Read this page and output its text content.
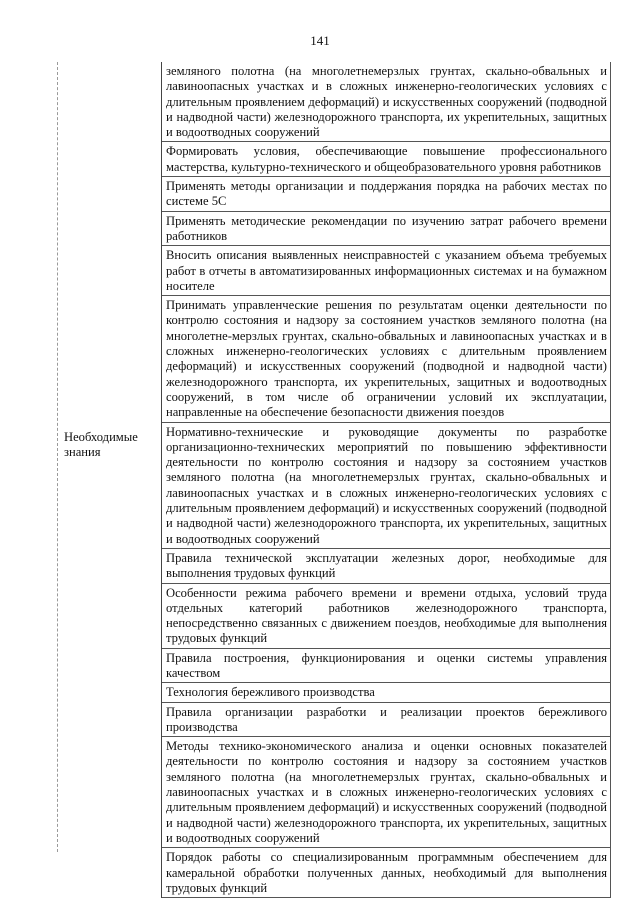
141
Необходимые знания
земляного полотна (на многолетнемерзлых грунтах, скально-обвальных и лавиноопасных участках и в сложных инженерно-геологических условиях с длительным проявлением деформаций) и искусственных сооружений (подводной и надводной части) железнодорожного транспорта, их укрепительных, защитных и водоотводных сооружений
Формировать условия, обеспечивающие повышение профессионального мастерства, культурно-технического и общеобразовательного уровня работников
Применять методы организации и поддержания порядка на рабочих местах по системе 5С
Применять методические рекомендации по изучению затрат рабочего времени работников
Вносить описания выявленных неисправностей с указанием объема требуемых работ в отчеты в автоматизированных информационных системах и на бумажном носителе
Принимать управленческие решения по результатам оценки деятельности по контролю состояния и надзору за состоянием участков земляного полотна (на многолетне-мерзлых грунтах, скально-обвальных и лавиноопасных участках и в сложных инженерно-геологических условиях с длительным проявлением деформаций) и искусственных сооружений (подводной и надводной части) железнодорожного транспорта, их укрепительных, защитных и водоотводных сооружений, в том числе об ограничении условий их эксплуатации, направленные на обеспечение безопасности движения поездов
Нормативно-технические и руководящие документы по разработке организационно-технических мероприятий по повышению эффективности деятельности по контролю состояния и надзору за состоянием участков земляного полотна (на многолетнемерзлых грунтах, скально-обвальных и лавиноопасных участках и в сложных инженерно-геологических условиях с длительным проявлением деформаций) и искусственных сооружений (подводной и надводной части) железнодорожного транспорта, их укрепительных, защитных и водоотводных сооружений
Правила технической эксплуатации железных дорог, необходимые для выполнения трудовых функций
Особенности режима рабочего времени и времени отдыха, условий труда отдельных категорий работников железнодорожного транспорта, непосредственно связанных с движением поездов, необходимые для выполнения трудовых функций
Правила построения, функционирования и оценки системы управления качеством
Технология бережливого производства
Правила организации разработки и реализации проектов бережливого производства
Методы технико-экономического анализа и оценки основных показателей деятельности по контролю состояния и надзору за состоянием участков земляного полотна (на многолетнемерзлых грунтах, скально-обвальных и лавиноопасных участках и в сложных инженерно-геологических условиях с длительным проявлением деформаций) и искусственных сооружений (подводной и надводной части) железнодорожного транспорта, их укрепительных, защитных и водоотводных сооружений
Порядок работы со специализированным программным обеспечением для камеральной обработки полученных данных, необходимый для выполнения трудовых функций
